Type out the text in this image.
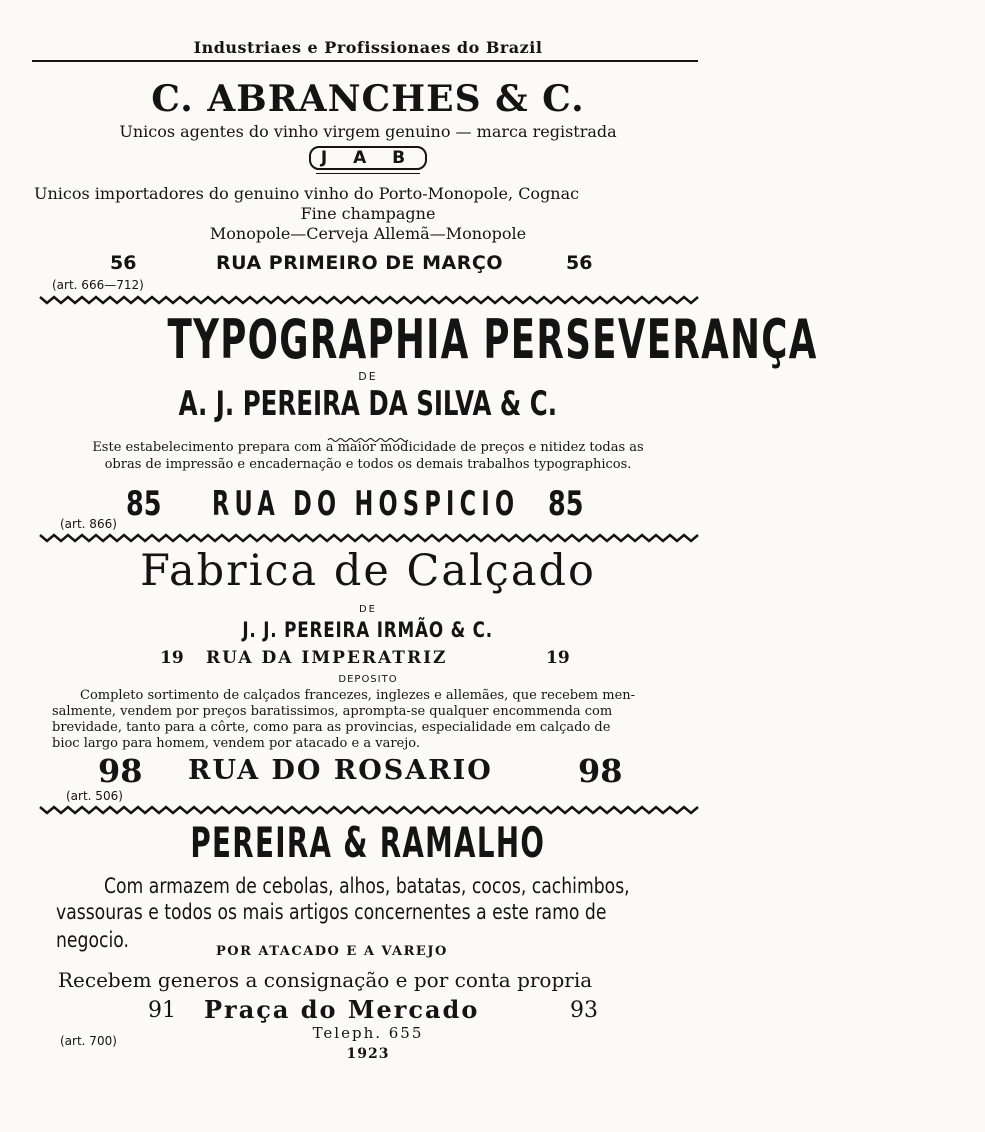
Industriaes e Profissionaes do Brazil
C. ABRANCHES & C.
Unicos agentes do vinho virgem genuino — marca registrada
J A B
Unicos importadores do genuino vinho do Porto-Monopole, Cognac
Fine champagne
Monopole—Cerveja Allemã—Monopole
56	RUA PRIMEIRO DE MARÇO	56
(art. 666—712)
TYPOGRAPHIA PERSEVERANÇA
DE
A. J. PEREIRA DA SILVA & C.
Este estabelecimento prepara com a maior modicidade de preços e nitidez todas as
obras de impressão e encadernação e todos os demais trabalhos typographicos.
85	RUA DO HOSPICIO 85
(art. 866)
Fabrica de Calçado
DE
J. J. PEREIRA IRMÃO & C.
19 RUA DA IMPERATRIZ	19
DEPOSITO
Completo sortimento de calçados francezes, inglezes e allemães, que recebem men-
salmente, vendem por preços baratissimos, apromptа-se qualquer encommenda com
brevidade, tanto para a côrte, como para as provincias, especialidade em calçado de
bioc largo para homem, vendem por atacado e a varejo.
98 RUA DO ROSARIO	98
(art. 506)
PEREIRA & RAMALHO
Com armazem de cebolas, alhos, batatas, cocos, cachimbos,
vassouras e todos os mais artigos concernentes a este ramo de
negocio.	POR ATACADO E A VAREJO
Recebem generos a consignação e por conta propria
91 Praça do Mercado	93
Teleph. 655
(art. 700)
1923
